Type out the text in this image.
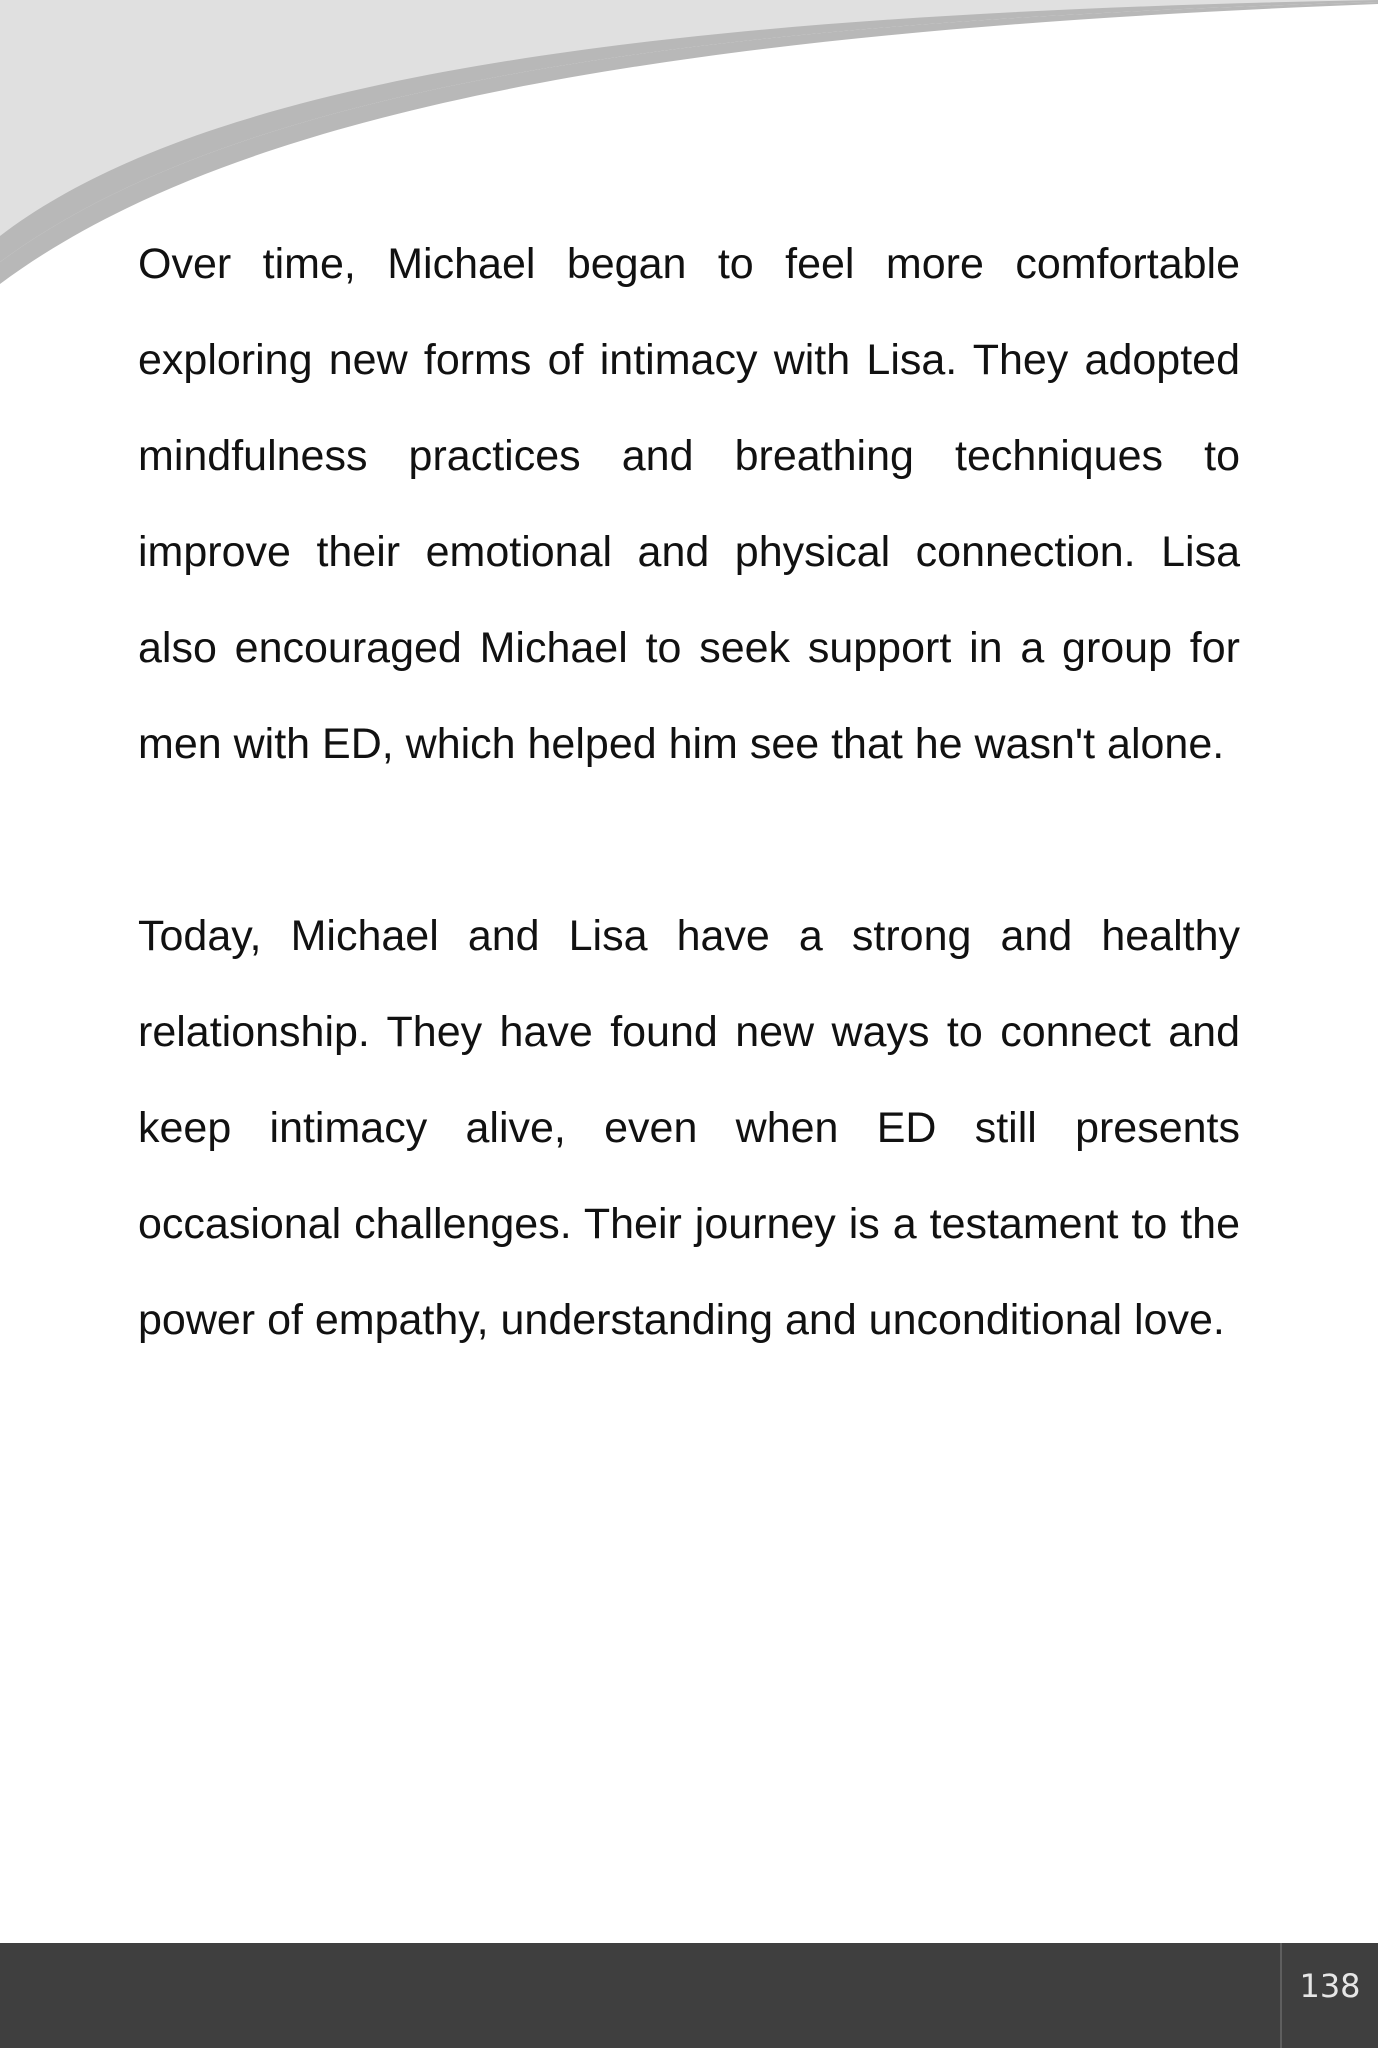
Over time, Michael began to feel more comfortable exploring new forms of intimacy with Lisa. They adopted mindfulness practices and breathing techniques to improve their emotional and physical connection. Lisa also encouraged Michael to seek support in a group for men with ED, which helped him see that he wasn't alone.

Today, Michael and Lisa have a strong and healthy relationship. They have found new ways to connect and keep intimacy alive, even when ED still presents occasional challenges. Their journey is a testament to the power of empathy, understanding and unconditional love.

138
